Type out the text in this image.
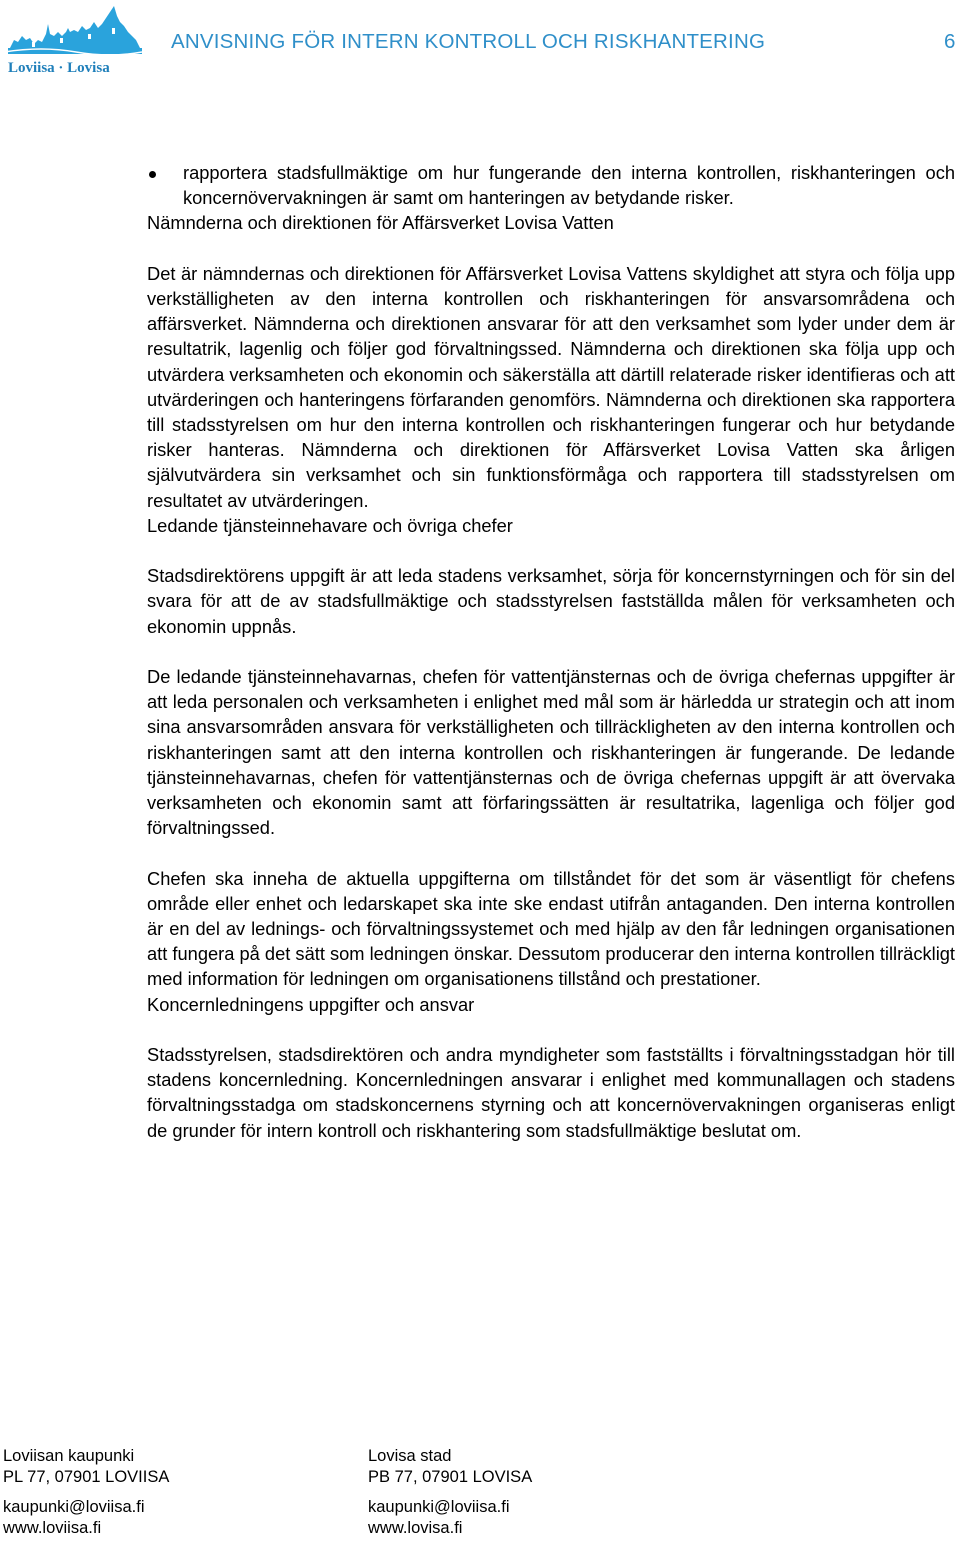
Loviisa · Lovisa
ANVISNING FÖR INTERN KONTROLL OCH RISKHANTERING	6

rapportera stadsfullmäktige om hur fungerande den interna kontrollen, riskhanteringen och koncernövervakningen är samt om hanteringen av betydande risker.

Nämnderna och direktionen för Affärsverket Lovisa Vatten

Det är nämndernas och direktionen för Affärsverket Lovisa Vattens skyldighet att styra och följa upp verkställigheten av den interna kontrollen och riskhanteringen för ansvarsområdena och affärsverket. Nämnderna och direktionen ansvarar för att den verksamhet som lyder under dem är resultatrik, lagenlig och följer god förvaltningssed. Nämnderna och direktionen ska följa upp och utvärdera verksamheten och ekonomin och säkerställa att därtill relaterade risker identifieras och att utvärderingen och hanteringens förfaranden genomförs. Nämnderna och direktionen ska rapportera till stadsstyrelsen om hur den interna kontrollen och riskhanteringen fungerar och hur betydande risker hanteras. Nämnderna och direktionen för Affärsverket Lovisa Vatten ska årligen självutvärdera sin verksamhet och sin funktionsförmåga och rapportera till stadsstyrelsen om resultatet av utvärderingen.

Ledande tjänsteinnehavare och övriga chefer

Stadsdirektörens uppgift är att leda stadens verksamhet, sörja för koncernstyrningen och för sin del svara för att de av stadsfullmäktige och stadsstyrelsen fastställda målen för verksamheten och ekonomin uppnås.

De ledande tjänsteinnehavarnas, chefen för vattentjänsternas och de övriga chefernas uppgifter är att leda personalen och verksamheten i enlighet med mål som är härledda ur strategin och att inom sina ansvarsområden ansvara för verkställigheten och tillräckligheten av den interna kontrollen och riskhanteringen samt att den interna kontrollen och riskhanteringen är fungerande. De ledande tjänsteinnehavarnas, chefen för vattentjänsternas och de övriga chefernas uppgift är att övervaka verksamheten och ekonomin samt att förfaringssätten är resultatrika, lagenliga och följer god förvaltningssed.

Chefen ska inneha de aktuella uppgifterna om tillståndet för det som är väsentligt för chefens område eller enhet och ledarskapet ska inte ske endast utifrån antaganden. Den interna kontrollen är en del av lednings- och förvaltningssystemet och med hjälp av den får ledningen organisationen att fungera på det sätt som ledningen önskar. Dessutom producerar den interna kontrollen tillräckligt med information för ledningen om organisationens tillstånd och prestationer.

Koncernledningens uppgifter och ansvar

Stadsstyrelsen, stadsdirektören och andra myndigheter som fastställts i förvaltningsstadgan hör till stadens koncernledning. Koncernledningen ansvarar i enlighet med kommunallagen och stadens förvaltningsstadga om stadskoncernens styrning och att koncernövervakningen organiseras enligt de grunder för intern kontroll och riskhantering som stadsfullmäktige beslutat om.

Loviisan kaupunki
PL 77, 07901 LOVIISA
kaupunki@loviisa.fi
www.loviisa.fi
Lovisa stad
PB 77, 07901 LOVISA
kaupunki@loviisa.fi
www.lovisa.fi
